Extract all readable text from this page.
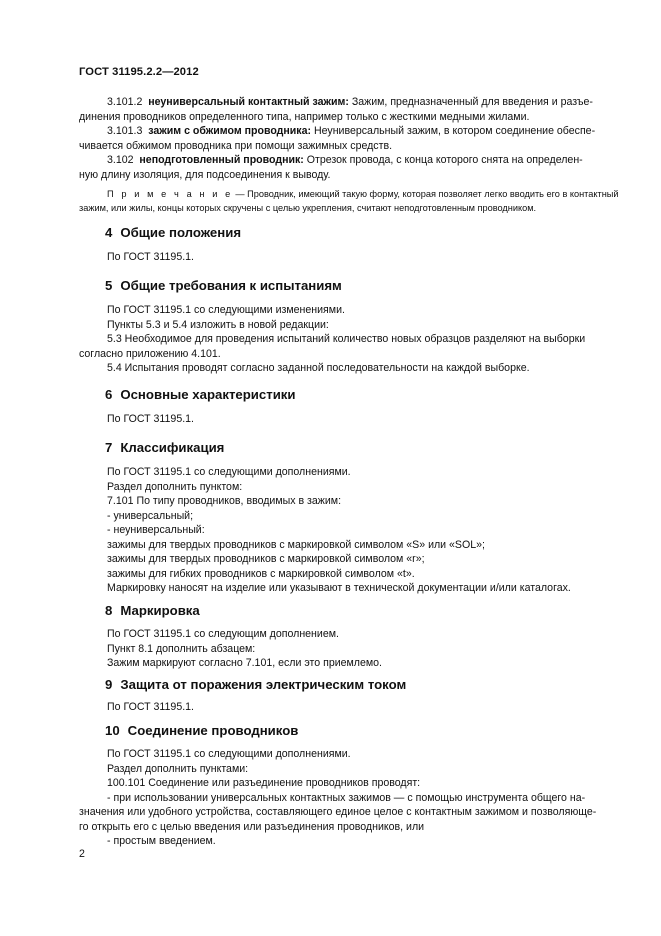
ГОСТ 31195.2.2—2012

3.101.2 неуниверсальный контактный зажим: Зажим, предназначенный для введения и разъе-

динения проводников определенного типа, например только с жесткими медными жилами.

3.101.3 зажим с обжимом проводника: Неуниверсальный зажим, в котором соединение обеспе-

чивается обжимом проводника при помощи зажимных средств.

3.102 неподготовленный проводник: Отрезок провода, с конца которого снята на определен-

ную длину изоляция, для подсоединения к выводу.

П р и м е ч а н и е — Проводник, имеющий такую форму, которая позволяет легко вводить его в контактный

зажим, или жилы, концы которых скручены с целью укрепления, считают неподготовленным проводником.

4 Общие положения

По ГОСТ 31195.1.

5 Общие требования к испытаниям

По ГОСТ 31195.1 со следующими изменениями.

Пункты 5.3 и 5.4 изложить в новой редакции:

5.3 Необходимое для проведения испытаний количество новых образцов разделяют на выборки

согласно приложению 4.101.

5.4 Испытания проводят согласно заданной последовательности на каждой выборке.

6 Основные характеристики

По ГОСТ 31195.1.

7 Классификация

По ГОСТ 31195.1 со следующими дополнениями.

Раздел дополнить пунктом:

7.101 По типу проводников, вводимых в зажим:

- универсальный;

- неуниверсальный:

зажимы для твердых проводников с маркировкой символом «S» или «SOL»;

зажимы для твердых проводников с маркировкой символом «r»;

зажимы для гибких проводников с маркировкой символом «t».

Маркировку наносят на изделие или указывают в технической документации и/или каталогах.

8 Маркировка

По ГОСТ 31195.1 со следующим дополнением.

Пункт 8.1 дополнить абзацем:

Зажим маркируют согласно 7.101, если это приемлемо.

9 Защита от поражения электрическим током

По ГОСТ 31195.1.

10 Соединение проводников

По ГОСТ 31195.1 со следующими дополнениями.

Раздел дополнить пунктами:

100.101 Соединение или разъединение проводников проводят:

- при использовании универсальных контактных зажимов — с помощью инструмента общего на-

значения или удобного устройства, составляющего единое целое с контактным зажимом и позволяюще-

го открыть его с целью введения или разъединения проводников, или

- простым введением.

2
